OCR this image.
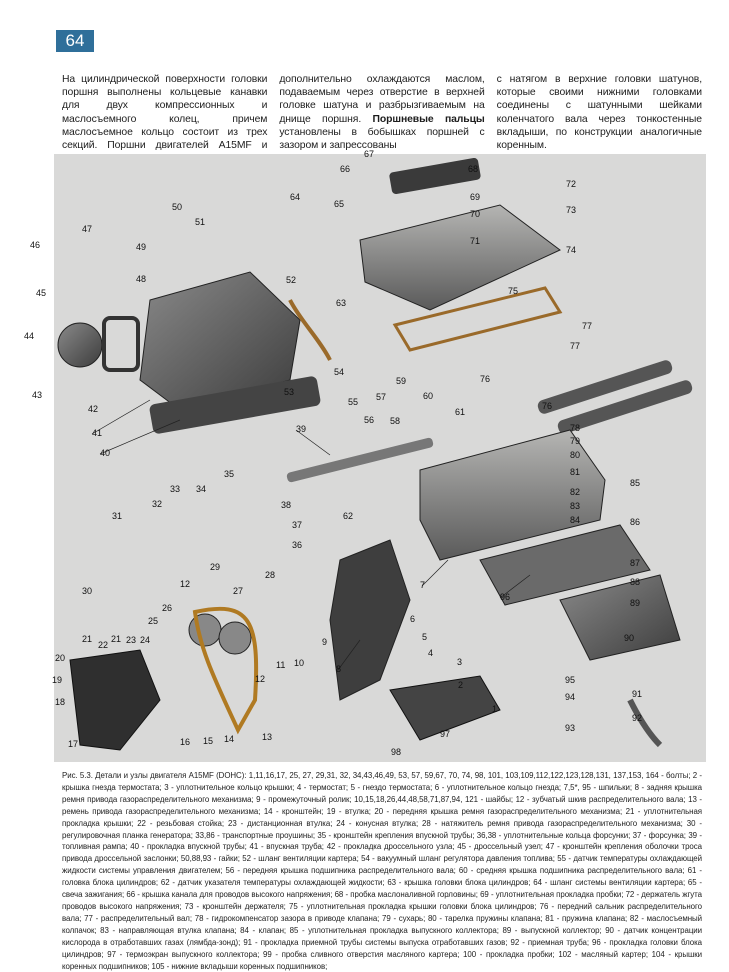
64
На цилиндрической поверхности головки поршня выполнены кольцевые канавки для двух компрессионных и маслосъемного колец, причем маслосъемное кольцо состоит из трех секций. Поршни двигателей A15MF и
дополнительно охлаждаются маслом, подаваемым через отверстие в верхней головке шатуна и разбрызгиваемым на днище поршня. Поршневые пальцы установлены в бобышках поршней с зазором и запрессованы
с натягом в верхние головки шатунов, которые своими нижними головками соединены с шатунными шейками коленчатого вала через тонкостенные вкладыши, по конструкции аналогичные коренным.
1
2
3
4
5
6
7
8
9
10
11
12
12
13
14
15
16
17
18
19
20
21 21
22 23 24
25
26
27
28
29
30
31
32
33 34
35
36
37
38
39
40
41
42
43
44
45
46
47
48
49
50
51
52
53
54
55
56
57
58
59
60
61
62
63
64
65
66
67
68
69
70
71
72
73
74
75
76
76
77
77
78
79
80
81
82
83
84
85
86
87
88
89
90
91
92
93
94
95
96
97
98
Рис. 5.3. Детали и узлы двигателя A15MF (DOHC): 1,11,16,17, 25, 27, 29,31, 32, 34,43,46,49, 53, 57, 59,67, 70, 74, 98, 101, 103,109,112,122,123,128,131, 137,153, 164 - болты; 2 - крышка гнезда термостата; 3 - уплотнительное кольцо крышки; 4 - термостат; 5 - гнездо термостата; 6 - уплотнительное кольцо гнезда; 7,5*, 95 - шпильки; 8 - задняя крышка ремня привода газораспределительного механизма; 9 - промежуточный ролик; 10,15,18,26,44,48,58,71,87,94, 121 - шайбы; 12 - зубчатый шкив распределительного вала; 13 - ремень привода газораспределительного механизма; 14 - кронштейн; 19 - втулка; 20 - передняя крышка ремня газораспределительного механизма; 21 - уплотнительная прокладка крышки; 22 - резьбовая стойка; 23 - дистанционная втулка; 24 - конусная втулка; 28 - натяжитель ремня привода газораспределительного механизма; 30 - регулировочная планка генератора; 33,86 - транспортные проушины; 35 - кронштейн крепления впускной трубы; 36,38 - уплотнительные кольца форсунки; 37 - форсунка; 39 - топливная рампа; 40 - прокладка впускной трубы; 41 - впускная труба; 42 - прокладка дроссельного узла; 45 - дроссельный узел; 47 - кронштейн крепления оболочки троса привода дроссельной заслонки; 50,88,93 - гайки; 52 - шланг вентиляции картера; 54 - вакуумный шланг регулятора давления топлива; 55 - датчик температуры охлаждающей жидкости системы управления двигателем; 56 - передняя крышка подшипника распределительного вала; 60 - средняя крышка подшипника распределительного вала; 61 - головка блока цилиндров; 62 - датчик указателя температуры охлаждающей жидкости; 63 - крышка головки блока цилиндров; 64 - шланг системы вентиляции картера; 65 - свеча зажигания; 66 - крышка канала для проводов высокого напряжения; 68 - пробка маслоналивной горловины; 69 - уплотнительная прокладка пробки; 72 - держатель жгута проводов высокого напряжения; 73 - кронштейн держателя; 75 - уплотнительная прокладка крышки головки блока цилиндров; 76 - передний сальник распределительного вала; 77 - распределительный вал; 78 - гидрокомпенсатор зазора в приводе клапана; 79 - сухарь; 80 - тарелка пружины клапана; 81 - пружина клапана; 82 - маслосъемный колпачок; 83 - направляющая втулка клапана; 84 - клапан; 85 - уплотнительная прокладка выпускного коллектора; 89 - выпускной коллектор; 90 - датчик концентрации кислорода в отработавших газах (лямбда-зонд); 91 - прокладка приемной трубы системы выпуска отработавших газов; 92 - приемная труба; 96 - прокладка головки блока цилиндров; 97 - термоэкран выпускного коллектора; 99 - пробка сливного отверстия масляного картера; 100 - прокладка пробки; 102 - масляный картер; 104 - крышки коренных подшипников; 105 - нижние вкладыши коренных подшипников;
